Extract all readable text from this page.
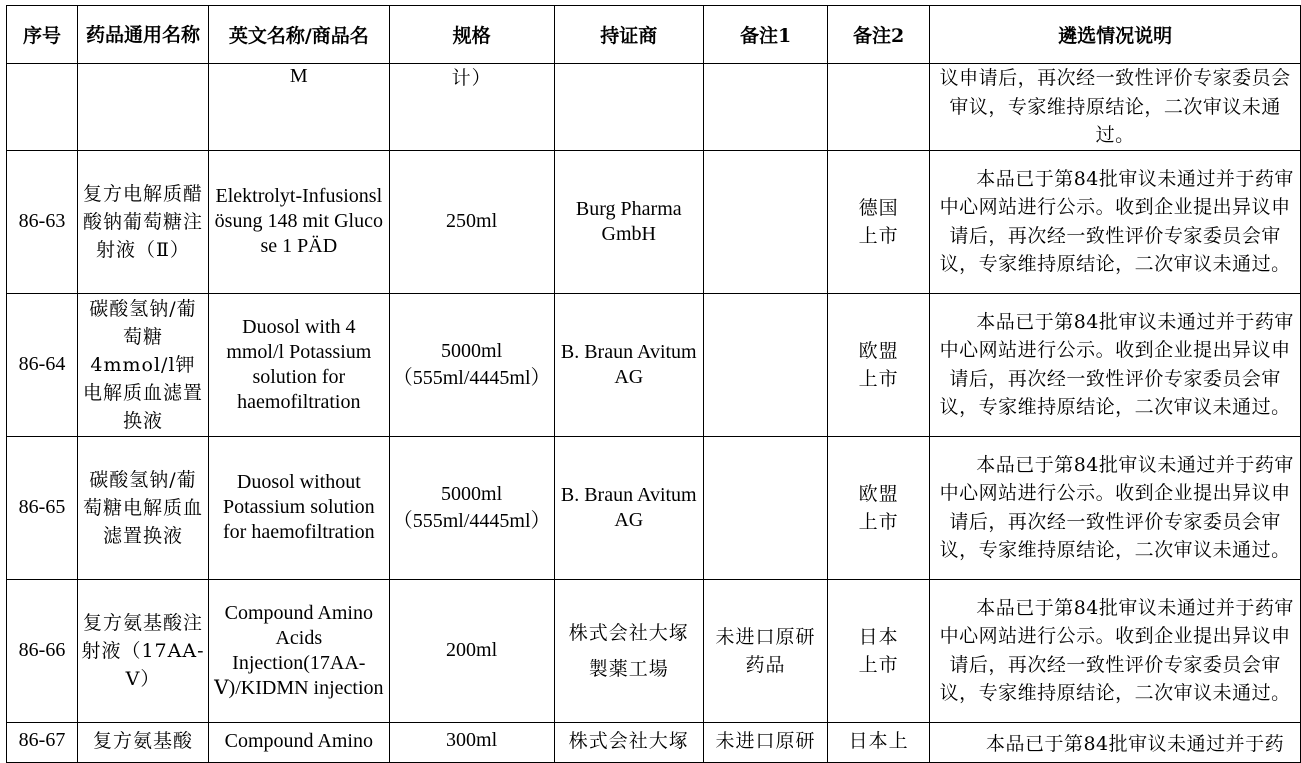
序号	药品通用名称	英文名称/商品名	规格	持证商	备注1	备注2	遴选情况说明
		M	计）				议申请后，再次经一致性评价专家委员会审议，专家维持原结论，二次审议未通过。
86-63	复方电解质醋酸钠葡萄糖注射液（Ⅱ）	Elektrolyt-Infusionslösung 148 mit Glucose 1 PÄD	250ml	Burg Pharma GmbH		德国上市	本品已于第84批审议未通过并于药审中心网站进行公示。收到企业提出异议申请后，再次经一致性评价专家委员会审议，专家维持原结论，二次审议未通过。

86-64	碳酸氢钠/葡萄糖4mmol/l钾电解质血滤置换液	Duosol with 4 mmol/l Potassium solution for haemofiltration	5000ml（555ml/4445ml）	B. Braun Avitum AG		欧盟上市	本品已于第84批审议未通过并于药审中心网站进行公示。收到企业提出异议申请后，再次经一致性评价专家委员会审议，专家维持原结论，二次审议未通过。

86-65	碳酸氢钠/葡萄糖电解质血滤置换液	Duosol without Potassium solution for haemofiltration	5000ml（555ml/4445ml）	B. Braun Avitum AG		欧盟上市	本品已于第84批审议未通过并于药审中心网站进行公示。收到企业提出异议申请后，再次经一致性评价专家委员会审议，专家维持原结论，二次审议未通过。

86-66	复方氨基酸注射液（17AA-Ⅴ）	Compound Amino Acids Injection(17AA-Ⅴ)/KIDMN injection	200ml	株式会社大塚製薬工場	未进口原研药品	日本上市	本品已于第84批审议未通过并于药审中心网站进行公示。收到企业提出异议申请后，再次经一致性评价专家委员会审议，专家维持原结论，二次审议未通过。

86-67	复方氨基酸	Compound Amino	300ml	株式会社大塚	未进口原研	日本上	本品已于第84批审议未通过并于药
